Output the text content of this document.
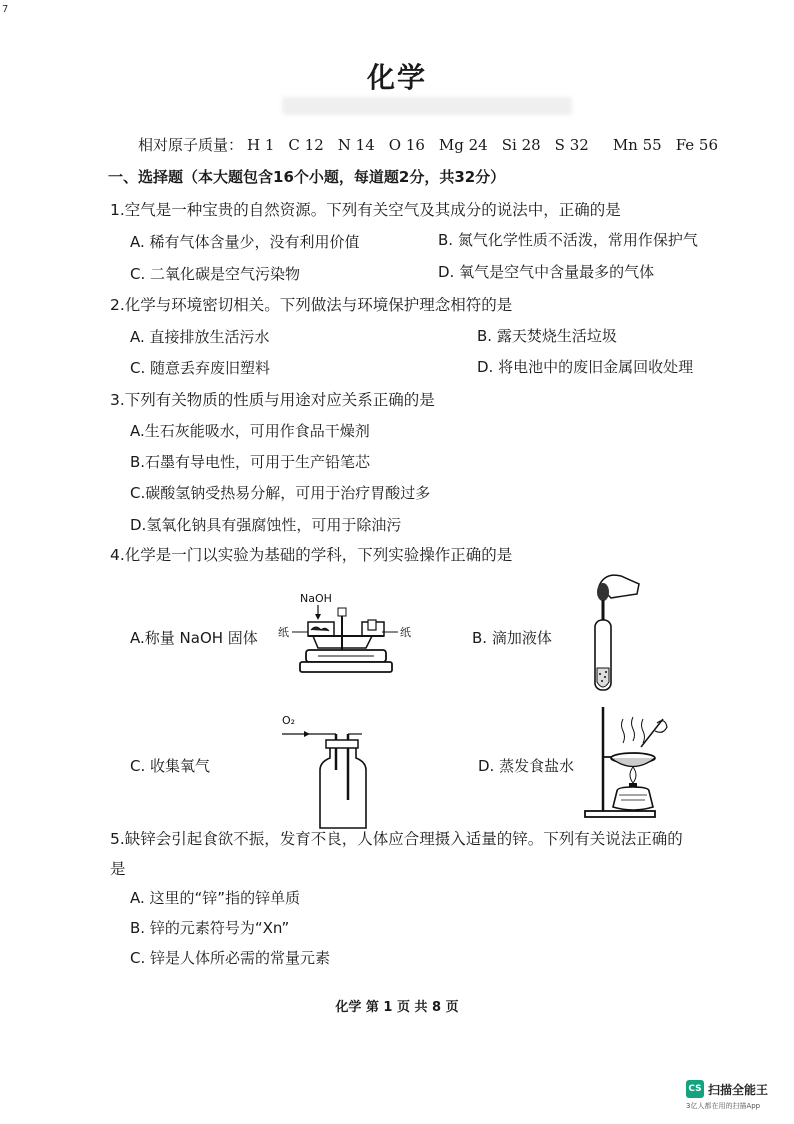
7
化学
相对原子质量： H 1 C 12 N 14 O 16 Mg 24 Si 28 S 32 Mn 55 Fe 56
一、选择题（本大题包含16个小题，每道题2分，共32分）
1.空气是一种宝贵的自然资源。下列有关空气及其成分的说法中，正确的是
A. 稀有气体含量少，没有利用价值	B. 氮气化学性质不活泼，常用作保护气
C. 二氧化碳是空气污染物	D. 氧气是空气中含量最多的气体
2.化学与环境密切相关。下列做法与环境保护理念相符的是
A. 直接排放生活污水	B. 露天焚烧生活垃圾
C. 随意丢弃废旧塑料	D. 将电池中的废旧金属回收处理
3.下列有关物质的性质与用途对应关系正确的是
A.生石灰能吸水，可用作食品干燥剂
B.石墨有导电性，可用于生产铅笔芯
C.碳酸氢钠受热易分解，可用于治疗胃酸过多
D.氢氧化钠具有强腐蚀性，可用于除油污
4.化学是一门以实验为基础的学科，下列实验操作正确的是
A.称量 NaOH 固体	B. 滴加液体
C. 收集氧气	D. 蒸发食盐水
NaOH
纸	纸
O₂
5.缺锌会引起食欲不振，发育不良，人体应合理摄入适量的锌。下列有关说法正确的
是
A. 这里的“锌”指的锌单质
B. 锌的元素符号为“Xn”
C. 锌是人体所必需的常量元素
化学 第 1 页 共 8 页
CS 扫描全能王
3亿人都在用的扫描App
